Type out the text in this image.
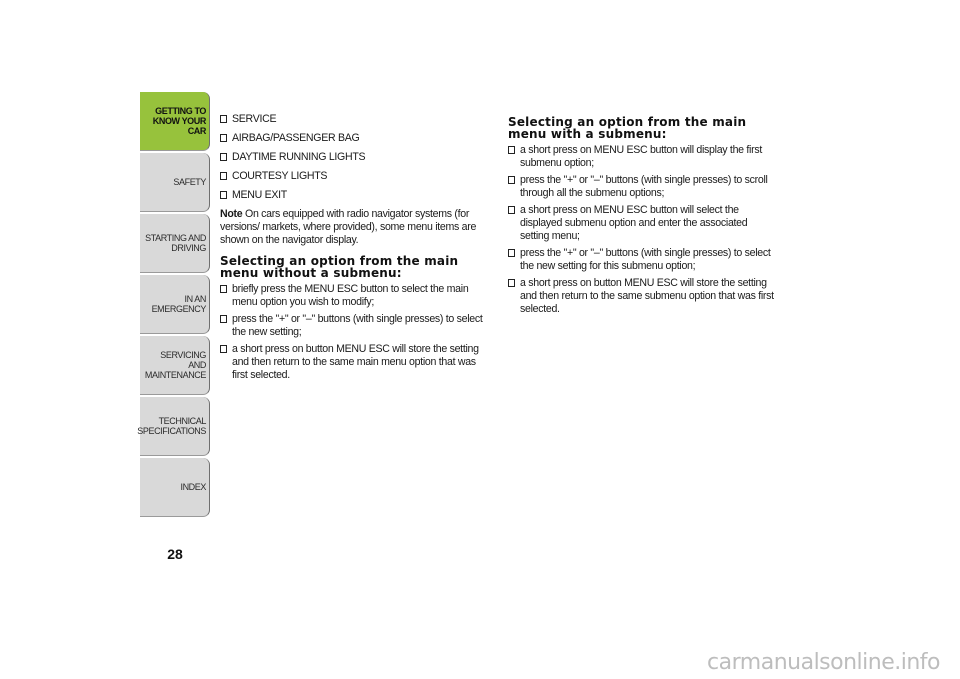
GETTING TO KNOW YOUR CAR
SAFETY
STARTING AND DRIVING
IN AN EMERGENCY
SERVICING AND MAINTENANCE
TECHNICAL SPECIFICATIONS
INDEX
28
SERVICE
AIRBAG/PASSENGER BAG
DAYTIME RUNNING LIGHTS
COURTESY LIGHTS
MENU EXIT
Note On cars equipped with radio navigator systems (for versions/ markets, where provided), some menu items are shown on the navigator display.
Selecting an option from the main menu without a submenu:
briefly press the MENU ESC button to select the main menu option you wish to modify;
press the "+" or "–" buttons (with single presses) to select the new setting;
a short press on button MENU ESC will store the setting and then return to the same main menu option that was first selected.
Selecting an option from the main menu with a submenu:
a short press on MENU ESC button will display the first submenu option;
press the "+" or "–" buttons (with single presses) to scroll through all the submenu options;
a short press on MENU ESC button will select the displayed submenu option and enter the associated setting menu;
press the "+" or "–" buttons (with single presses) to select the new setting for this submenu option;
a short press on button MENU ESC will store the setting and then return to the same submenu option that was first selected.
carmanualsonline.info
